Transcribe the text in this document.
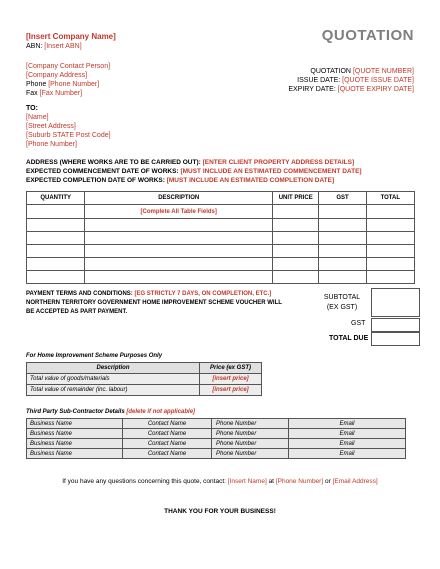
[Insert Company Name]
ABN: [Insert ABN]
QUOTATION
[Company Contact Person]
[Company Address]
Phone [Phone Number]
Fax [Fax Number]
QUOTATION [QUOTE NUMBER]
ISSUE DATE: [QUOTE ISSUE DATE]
EXPIRY DATE: [QUOTE EXPIRY DATE]
TO:
[Name]
[Street Address]
[Suburb STATE Post Code]
[Phone Number]
ADDRESS (WHERE WORKS ARE TO BE CARRIED OUT): [ENTER CLIENT PROPERTY ADDRESS DETAILS]
EXPECTED COMMENCEMENT DATE OF WORKS: [MUST INCLUDE AN ESTIMATED COMMENCEMENT DATE]
EXPECTED COMPLETION DATE OF WORKS: [MUST INCLUDE AN ESTIMATED COMPLETION DATE]
QUANTITY	DESCRIPTION	UNIT PRICE	GST	TOTAL
	[Complete All Table Fields]			

PAYMENT TERMS AND CONDITIONS: [EG STRICTLY 7 DAYS, ON COMPLETION, ETC.]
NORTHERN TERRITORY GOVERNMENT HOME IMPROVEMENT SCHEME VOUCHER WILL
BE ACCEPTED AS PART PAYMENT.
SUBTOTAL
(EX GST)
GST
TOTAL DUE
For Home Improvement Scheme Purposes Only
Description	Price (ex GST)
Total value of goods/materials	[insert price]
Total value of remainder (inc. labour)	[insert price]
Third Party Sub-Contractor Details [delete if not applicable]
Business Name	Contact Name	Phone Number	Email
Business Name	Contact Name	Phone Number	Email
Business Name	Contact Name	Phone Number	Email
Business Name	Contact Name	Phone Number	Email
If you have any questions concerning this quote, contact: [Insert Name] at [Phone Number] or [Email Address]
THANK YOU FOR YOUR BUSINESS!
